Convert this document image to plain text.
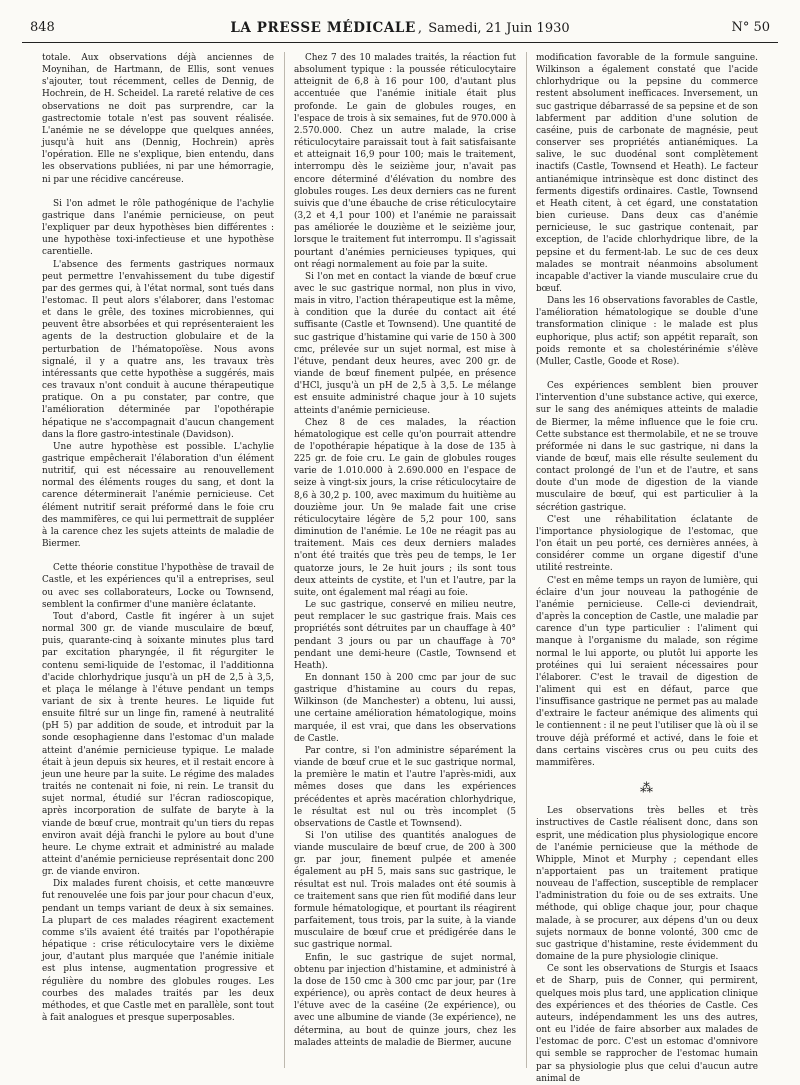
848	LA PRESSE MÉDICALE , Samedi, 21 Juin 1930	N° 50

totale. Aux observations déjà anciennes de Moynihan, de Hartmann, de Ellis, sont venues s'ajouter, tout récemment, celles de Dennig, de Hochrein, de H. Scheidel. La rareté relative de ces observations ne doit pas surprendre, car la gastrectomie totale n'est pas souvent réalisée. L'anémie ne se développe que quelques années, jusqu'à huit ans (Dennig, Hochrein) après l'opération. Elle ne s'explique, bien entendu, dans les observations publiées, ni par une hémorragie, ni par une récidive cancéreuse.

Si l'on admet le rôle pathogénique de l'achylie gastrique dans l'anémie pernicieuse, on peut l'expliquer par deux hypothèses bien différentes : une hypothèse toxi-infectieuse et une hypothèse carentielle.

L'absence des ferments gastriques normaux peut permettre l'envahissement du tube digestif par des germes qui, à l'état normal, sont tués dans l'estomac. Il peut alors s'élaborer, dans l'estomac et dans le grêle, des toxines microbiennes, qui peuvent être absorbées et qui représenteraient les agents de la destruction globulaire et de la perturbation de l'hématopoïèse. Nous avons signalé, il y a quatre ans, les travaux très intéressants que cette hypothèse a suggérés, mais ces travaux n'ont conduit à aucune thérapeutique pratique. On a pu constater, par contre, que l'amélioration déterminée par l'opothérapie hépatique ne s'accompagnait d'aucun changement dans la flore gastro-intestinale (Davidson).

Une autre hypothèse est possible. L'achylie gastrique empêcherait l'élaboration d'un élément nutritif, qui est nécessaire au renouvellement normal des éléments rouges du sang, et dont la carence déterminerait l'anémie pernicieuse. Cet élément nutritif serait préformé dans le foie cru des mammifères, ce qui lui permettrait de suppléer à la carence chez les sujets atteints de maladie de Biermer.

Cette théorie constitue l'hypothèse de travail de Castle, et les expériences qu'il a entreprises, seul ou avec ses collaborateurs, Locke ou Townsend, semblent la confirmer d'une manière éclatante.

Tout d'abord, Castle fit ingérer à un sujet normal 300 gr. de viande musculaire de bœuf, puis, quarante-cinq à soixante minutes plus tard par excitation pharyngée, il fit régurgiter le contenu semi-liquide de l'estomac, il l'additionna d'acide chlorhydrique jusqu'à un pH de 2,5 à 3,5, et plaça le mélange à l'étuve pendant un temps variant de six à trente heures. Le liquide fut ensuite filtré sur un linge fin, ramené à neutralité (pH 5) par addition de soude, et introduit par la sonde œsophagienne dans l'estomac d'un malade atteint d'anémie pernicieuse typique. Le malade était à jeun depuis six heures, et il restait encore à jeun une heure par la suite. Le régime des malades traités ne contenait ni foie, ni rein. Le transit du sujet normal, étudié sur l'écran radioscopique, après incorporation de sulfate de baryte à la viande de bœuf crue, montrait qu'un tiers du repas environ avait déjà franchi le pylore au bout d'une heure. Le chyme extrait et administré au malade atteint d'anémie pernicieuse représentait donc 200 gr. de viande environ.

Dix malades furent choisis, et cette manœuvre fut renouvelée une fois par jour pour chacun d'eux, pendant un temps variant de deux à six semaines. La plupart de ces malades réagirent exactement comme s'ils avaient été traités par l'opothérapie hépatique : crise réticulocytaire vers le dixième jour, d'autant plus marquée que l'anémie initiale est plus intense, augmentation progressive et régulière du nombre des globules rouges. Les courbes des malades traités par les deux méthodes, et que Castle met en parallèle, sont tout à fait analogues et presque superposables.

Chez 7 des 10 malades traités, la réaction fut absolument typique : la poussée réticulocytaire atteignit de 6,8 à 16 pour 100, d'autant plus accentuée que l'anémie initiale était plus profonde. Le gain de globules rouges, en l'espace de trois à six semaines, fut de 970.000 à 2.570.000. Chez un autre malade, la crise réticulocytaire paraissait tout à fait satisfaisante et atteignait 16,9 pour 100; mais le traitement, interrompu dès le seizième jour, n'avait pas encore déterminé d'élévation du nombre des globules rouges. Les deux derniers cas ne furent suivis que d'une ébauche de crise réticulocytaire (3,2 et 4,1 pour 100) et l'anémie ne paraissait pas améliorée le douzième et le seizième jour, lorsque le traitement fut interrompu. Il s'agissait pourtant d'anémies pernicieuses typiques, qui ont réagi normalement au foie par la suite.

Si l'on met en contact la viande de bœuf crue avec le suc gastrique normal, non plus in vivo, mais in vitro, l'action thérapeutique est la même, à condition que la durée du contact ait été suffisante (Castle et Townsend). Une quantité de suc gastrique d'histamine qui varie de 150 à 300 cmc, prélevée sur un sujet normal, est mise à l'étuve, pendant deux heures, avec 200 gr. de viande de bœuf finement pulpée, en présence d'HCl, jusqu'à un pH de 2,5 à 3,5. Le mélange est ensuite administré chaque jour à 10 sujets atteints d'anémie pernicieuse.

Chez 8 de ces malades, la réaction hématologique est celle qu'on pourrait attendre de l'opothérapie hépatique à la dose de 135 à 225 gr. de foie cru. Le gain de globules rouges varie de 1.010.000 à 2.690.000 en l'espace de seize à vingt-six jours, la crise réticulocytaire de 8,6 à 30,2 p. 100, avec maximum du huitième au douzième jour. Un 9e malade fait une crise réticulocytaire légère de 5,2 pour 100, sans diminution de l'anémie. Le 10e ne réagit pas au traitement. Mais ces deux derniers malades n'ont été traités que très peu de temps, le 1er quatorze jours, le 2e huit jours ; ils sont tous deux atteints de cystite, et l'un et l'autre, par la suite, ont également mal réagi au foie.

Le suc gastrique, conservé en milieu neutre, peut remplacer le suc gastrique frais. Mais ces propriétés sont détruites par un chauffage à 40° pendant 3 jours ou par un chauffage à 70° pendant une demi-heure (Castle, Townsend et Heath).

En donnant 150 à 200 cmc par jour de suc gastrique d'histamine au cours du repas, Wilkinson (de Manchester) a obtenu, lui aussi, une certaine amélioration hématologique, moins marquée, il est vrai, que dans les observations de Castle.

Par contre, si l'on administre séparément la viande de bœuf crue et le suc gastrique normal, la première le matin et l'autre l'après-midi, aux mêmes doses que dans les expériences précédentes et après macération chlorhydrique, le résultat est nul ou très incomplet (5 observations de Castle et Townsend).

Si l'on utilise des quantités analogues de viande musculaire de bœuf crue, de 200 à 300 gr. par jour, finement pulpée et amenée également au pH 5, mais sans suc gastrique, le résultat est nul. Trois malades ont été soumis à ce traitement sans que rien fût modifié dans leur formule hématologique, et pourtant ils réagirent parfaitement, tous trois, par la suite, à la viande musculaire de bœuf crue et prédigérée dans le suc gastrique normal.

Enfin, le suc gastrique de sujet normal, obtenu par injection d'histamine, et administré à la dose de 150 cmc à 300 cmc par jour, par (1re expérience), ou après contact de deux heures à l'étuve avec de la caséine (2e expérience), ou avec une albumine de viande (3e expérience), ne détermina, au bout de quinze jours, chez les malades atteints de maladie de Biermer, aucune

modification favorable de la formule sanguine. Wilkinson a également constaté que l'acide chlorhydrique ou la pepsine du commerce restent absolument inefficaces. Inversement, un suc gastrique débarrassé de sa pepsine et de son labferment par addition d'une solution de caséine, puis de carbonate de magnésie, peut conserver ses propriétés antianémiques. La salive, le suc duodénal sont complètement inactifs (Castle, Townsend et Heath). Le facteur antianémique intrinsèque est donc distinct des ferments digestifs ordinaires. Castle, Townsend et Heath citent, à cet égard, une constatation bien curieuse. Dans deux cas d'anémie pernicieuse, le suc gastrique contenait, par exception, de l'acide chlorhydrique libre, de la pepsine et du ferment-lab. Le suc de ces deux malades se montrait néanmoins absolument incapable d'activer la viande musculaire crue du bœuf.

Dans les 16 observations favorables de Castle, l'amélioration hématologique se double d'une transformation clinique : le malade est plus euphorique, plus actif; son appétit reparaît, son poids remonte et sa cholestérinémie s'élève (Muller, Castle, Goode et Rose).

Ces expériences semblent bien prouver l'intervention d'une substance active, qui exerce, sur le sang des anémiques atteints de maladie de Biermer, la même influence que le foie cru. Cette substance est thermolabile, et ne se trouve préformée ni dans le suc gastrique, ni dans la viande de bœuf, mais elle résulte seulement du contact prolongé de l'un et de l'autre, et sans doute d'un mode de digestion de la viande musculaire de bœuf, qui est particulier à la sécrétion gastrique.

C'est une réhabilitation éclatante de l'importance physiologique de l'estomac, que l'on était un peu porté, ces dernières années, à considérer comme un organe digestif d'une utilité restreinte.

C'est en même temps un rayon de lumière, qui éclaire d'un jour nouveau la pathogénie de l'anémie pernicieuse. Celle-ci deviendrait, d'après la conception de Castle, une maladie par carence d'un type particulier : l'aliment qui manque à l'organisme du malade, son régime normal le lui apporte, ou plutôt lui apporte les protéines qui lui seraient nécessaires pour l'élaborer. C'est le travail de digestion de l'aliment qui est en défaut, parce que l'insuffisance gastrique ne permet pas au malade d'extraire le facteur anémique des aliments qui le contiennent : il ne peut l'utiliser que là où il se trouve déjà préformé et activé, dans le foie et dans certains viscères crus ou peu cuits des mammifères.

⁂

Les observations très belles et très instructives de Castle réalisent donc, dans son esprit, une médication plus physiologique encore de l'anémie pernicieuse que la méthode de Whipple, Minot et Murphy ; cependant elles n'apportaient pas un traitement pratique nouveau de l'affection, susceptible de remplacer l'administration du foie ou de ses extraits. Une méthode, qui oblige chaque jour, pour chaque malade, à se procurer, aux dépens d'un ou deux sujets normaux de bonne volonté, 300 cmc de suc gastrique d'histamine, reste évidemment du domaine de la pure physiologie clinique.

Ce sont les observations de Sturgis et Isaacs et de Sharp, puis de Conner, qui permirent, quelques mois plus tard, une application clinique des expériences et des théories de Castle. Ces auteurs, indépendamment les uns des autres, ont eu l'idée de faire absorber aux malades de l'estomac de porc. C'est un estomac d'omnivore qui semble se rapprocher de l'estomac humain par sa physiologie plus que celui d'aucun autre animal de
